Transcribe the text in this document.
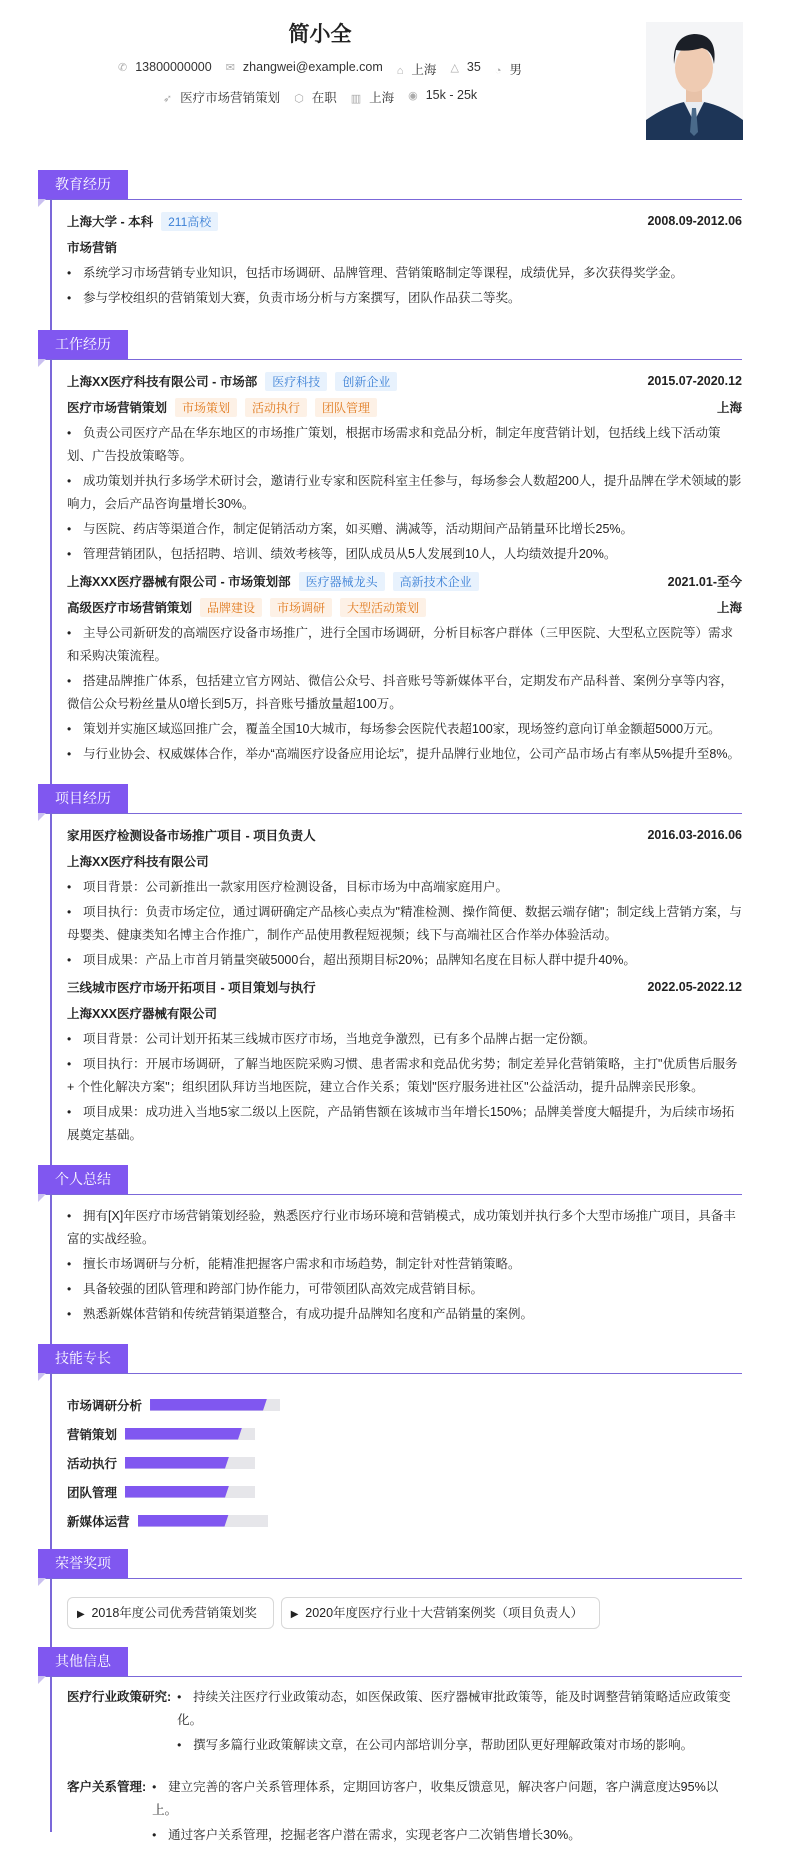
简小全
✆ 13800000000 ✉ zhangwei@example.com ⌂ 上海 △ 35 ◔ 男
➶ 医疗市场营销策划 ⬡ 在职 ▥ 上海 ◉ 15k - 25k
教育经历
上海大学 - 本科 211高校	2008.09-2012.06
市场营销
• 系统学习市场营销专业知识，包括市场调研、品牌管理、营销策略制定等课程，成绩优异，多次获得奖学金。
• 参与学校组织的营销策划大赛，负责市场分析与方案撰写，团队作品获二等奖。
工作经历
上海XX医疗科技有限公司 - 市场部 医疗科技 创新企业	2015.07-2020.12
医疗市场营销策划 市场策划 活动执行 团队管理	上海
• 负责公司医疗产品在华东地区的市场推广策划，根据市场需求和竞品分析，制定年度营销计划，包括线上线下活动策划、广告投放策略等。
• 成功策划并执行多场学术研讨会，邀请行业专家和医院科室主任参与，每场参会人数超200人，提升品牌在学术领域的影响力，会后产品咨询量增长30%。
• 与医院、药店等渠道合作，制定促销活动方案，如买赠、满减等，活动期间产品销量环比增长25%。
• 管理营销团队，包括招聘、培训、绩效考核等，团队成员从5人发展到10人，人均绩效提升20%。
上海XXX医疗器械有限公司 - 市场策划部 医疗器械龙头 高新技术企业	2021.01-至今
高级医疗市场营销策划 品牌建设 市场调研 大型活动策划	上海
• 主导公司新研发的高端医疗设备市场推广，进行全国市场调研，分析目标客户群体（三甲医院、大型私立医院等）需求和采购决策流程。
• 搭建品牌推广体系，包括建立官方网站、微信公众号、抖音账号等新媒体平台，定期发布产品科普、案例分享等内容，微信公众号粉丝量从0增长到5万，抖音账号播放量超100万。
• 策划并实施区域巡回推广会，覆盖全国10大城市，每场参会医院代表超100家，现场签约意向订单金额超5000万元。
• 与行业协会、权威媒体合作，举办“高端医疗设备应用论坛”，提升品牌行业地位，公司产品市场占有率从5%提升至8%。
项目经历
家用医疗检测设备市场推广项目 - 项目负责人	2016.03-2016.06
上海XX医疗科技有限公司
• 项目背景：公司新推出一款家用医疗检测设备，目标市场为中高端家庭用户。
• 项目执行：负责市场定位，通过调研确定产品核心卖点为"精准检测、操作简便、数据云端存储"；制定线上营销方案，与母婴类、健康类知名博主合作推广，制作产品使用教程短视频；线下与高端社区合作举办体验活动。
• 项目成果：产品上市首月销量突破5000台，超出预期目标20%；品牌知名度在目标人群中提升40%。
三线城市医疗市场开拓项目 - 项目策划与执行	2022.05-2022.12
上海XXX医疗器械有限公司
• 项目背景：公司计划开拓某三线城市医疗市场，当地竞争激烈，已有多个品牌占据一定份额。
• 项目执行：开展市场调研，了解当地医院采购习惯、患者需求和竞品优劣势；制定差异化营销策略，主打"优质售后服务 + 个性化解决方案"；组织团队拜访当地医院，建立合作关系；策划"医疗服务进社区"公益活动，提升品牌亲民形象。
• 项目成果：成功进入当地5家二级以上医院，产品销售额在该城市当年增长150%；品牌美誉度大幅提升，为后续市场拓展奠定基础。
个人总结
• 拥有[X]年医疗市场营销策划经验，熟悉医疗行业市场环境和营销模式，成功策划并执行多个大型市场推广项目，具备丰富的实战经验。
• 擅长市场调研与分析，能精准把握客户需求和市场趋势，制定针对性营销策略。
• 具备较强的团队管理和跨部门协作能力，可带领团队高效完成营销目标。
• 熟悉新媒体营销和传统营销渠道整合，有成功提升品牌知名度和产品销量的案例。
技能专长
市场调研分析
营销策划
活动执行
团队管理
新媒体运营
荣誉奖项
▶ 2018年度公司优秀营销策划奖	▶ 2020年度医疗行业十大营销案例奖（项目负责人）
其他信息
医疗行业政策研究: • 持续关注医疗行业政策动态，如医保政策、医疗器械审批政策等，能及时调整营销策略适应政策变化。
• 撰写多篇行业政策解读文章，在公司内部培训分享，帮助团队更好理解政策对市场的影响。
客户关系管理: • 建立完善的客户关系管理体系，定期回访客户，收集反馈意见，解决客户问题，客户满意度达95%以上。
• 通过客户关系管理，挖掘老客户潜在需求，实现老客户二次销售增长30%。
